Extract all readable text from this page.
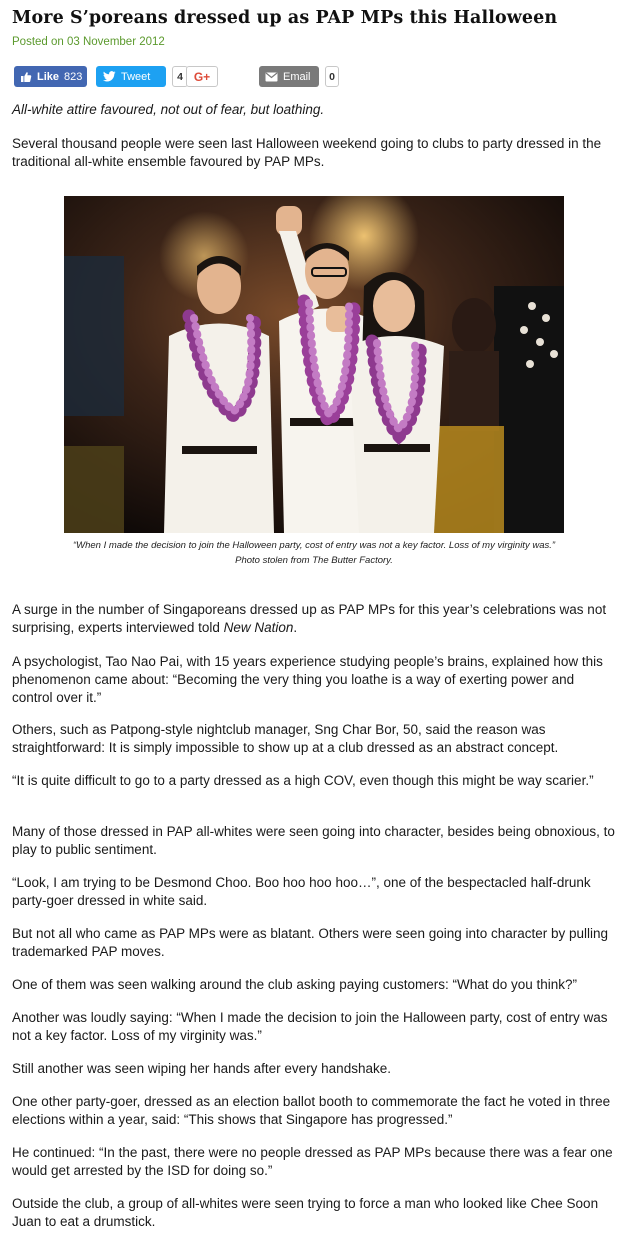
More S’poreans dressed up as PAP MPs this Halloween
Posted on 03 November 2012
Like 823	Tweet	4 G+	Email	0

All-white attire favoured, not out of fear, but loathing.

Several thousand people were seen last Halloween weekend going to clubs to party dressed in the traditional all-white ensemble favoured by PAP MPs.

“When I made the decision to join the Halloween party, cost of entry was not a key factor. Loss of my virginity was.” Photo stolen from The Butter Factory.

A surge in the number of Singaporeans dressed up as PAP MPs for this year’s celebrations was not surprising, experts interviewed told New Nation.

A psychologist, Tao Nao Pai, with 15 years experience studying people’s brains, explained how this phenomenon came about: “Becoming the very thing you loathe is a way of exerting power and control over it.”

Others, such as Patpong-style nightclub manager, Sng Char Bor, 50, said the reason was straightforward: It is simply impossible to show up at a club dressed as an abstract concept.

“It is quite difficult to go to a party dressed as a high COV, even though this might be way scarier.”

Many of those dressed in PAP all-whites were seen going into character, besides being obnoxious, to play to public sentiment.

“Look, I am trying to be Desmond Choo. Boo hoo hoo hoo…”, one of the bespectacled half-drunk party-goer dressed in white said.

But not all who came as PAP MPs were as blatant. Others were seen going into character by pulling trademarked PAP moves.

One of them was seen walking around the club asking paying customers: “What do you think?”

Another was loudly saying: “When I made the decision to join the Halloween party, cost of entry was not a key factor. Loss of my virginity was.”

Still another was seen wiping her hands after every handshake.

One other party-goer, dressed as an election ballot booth to commemorate the fact he voted in three elections within a year, said: “This shows that Singapore has progressed.”

He continued: “In the past, there were no people dressed as PAP MPs because there was a fear one would get arrested by the ISD for doing so.”

Outside the club, a group of all-whites were seen trying to force a man who looked like Chee Soon Juan to eat a drumstick.
